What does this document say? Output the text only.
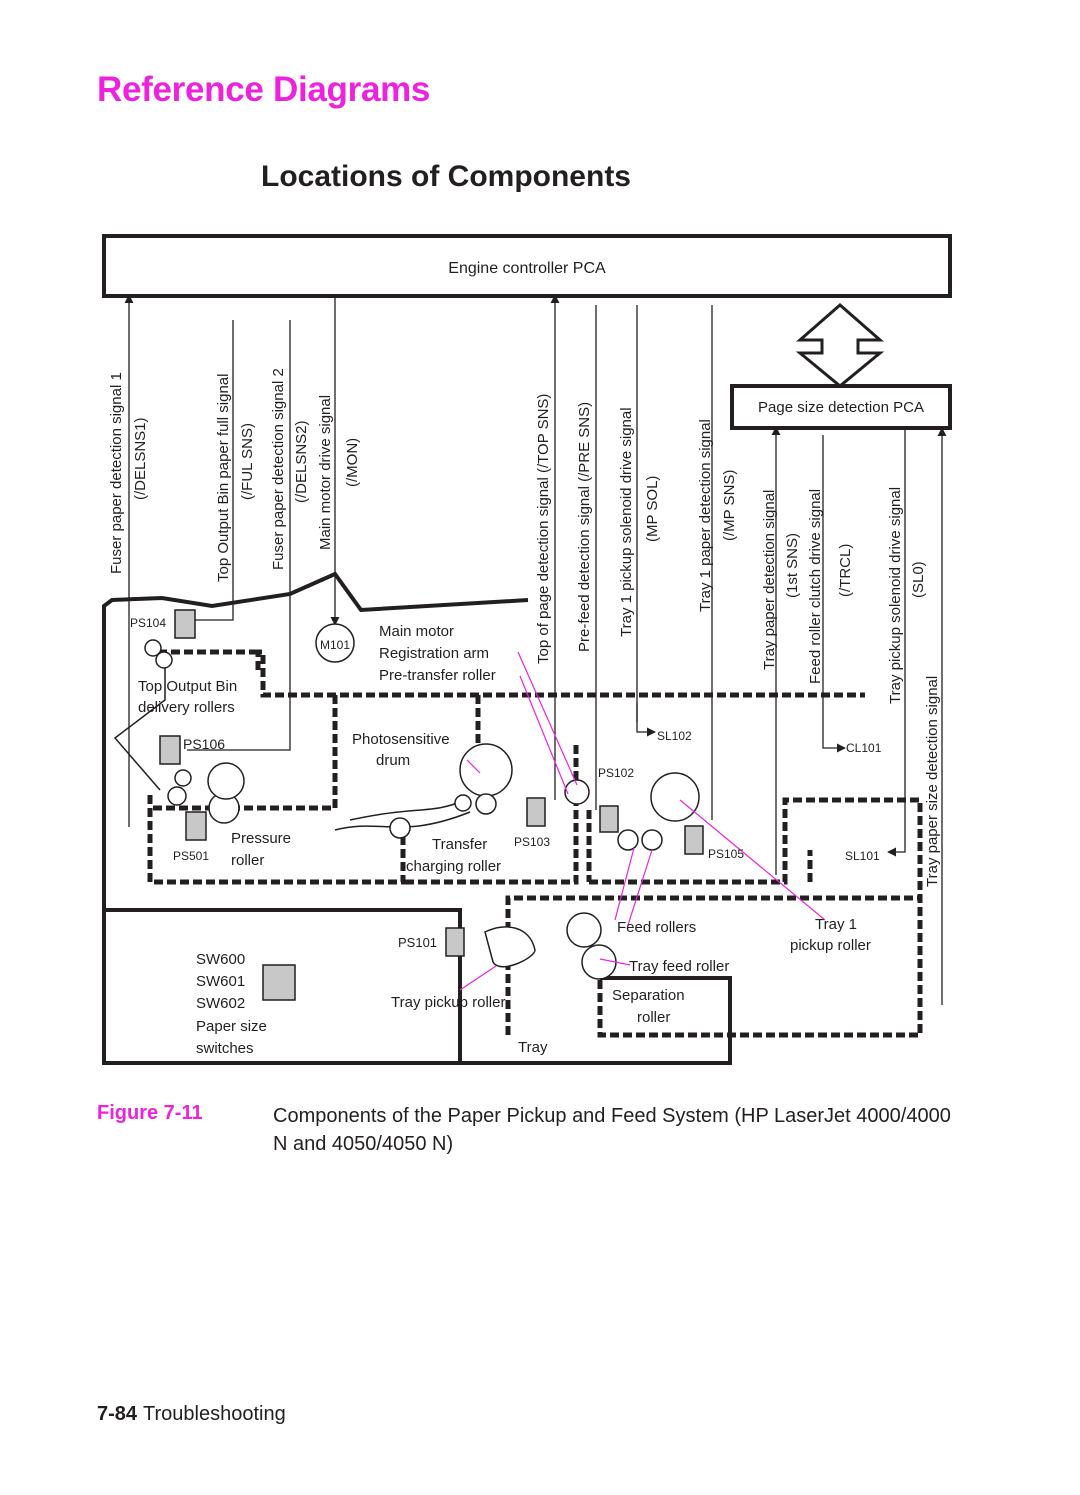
Reference Diagrams
Locations of Components
Engine controller PCA
Page size detection PCA
Fuser paper detection signal 1 (/DELSNS1)	Top Output Bin paper full signal (/FUL SNS) Fuser paper detection signal 2 (/DELSNS2) Main motor drive signal (/MON)	Top of page detection signal (/TOP SNS) Pre-feed detection signal (/PRE SNS) Tray 1 pickup solenoid drive signal (MP SOL) Tray 1 paper detection signal (/MP SNS) Tray paper detection signal (1st SNS) Feed roller clutch drive signal (/TRCL) Tray pickup solenoid drive signal (SL0)
Tray paper size detection signal
PS104
M101
Main motor
Registration arm
Pre-transfer roller
Top Output Bin
delivery rollers
PS106	Photosensitive
drum
SL102
CL101
PS102
Pressure
roller
PS501
Transfer
charging roller
PS103
PS105	SL101
Feed rollers	Tray 1
pickup roller
PS101
SW600
SW601
SW602
Tray feed roller
Tray pickup roller	Separation
roller
Paper size
switches	Tray
Figure 7-11	Components of the Paper Pickup and Feed System (HP LaserJet 4000/4000 N and 4050/4050 N)
7-84 Troubleshooting
